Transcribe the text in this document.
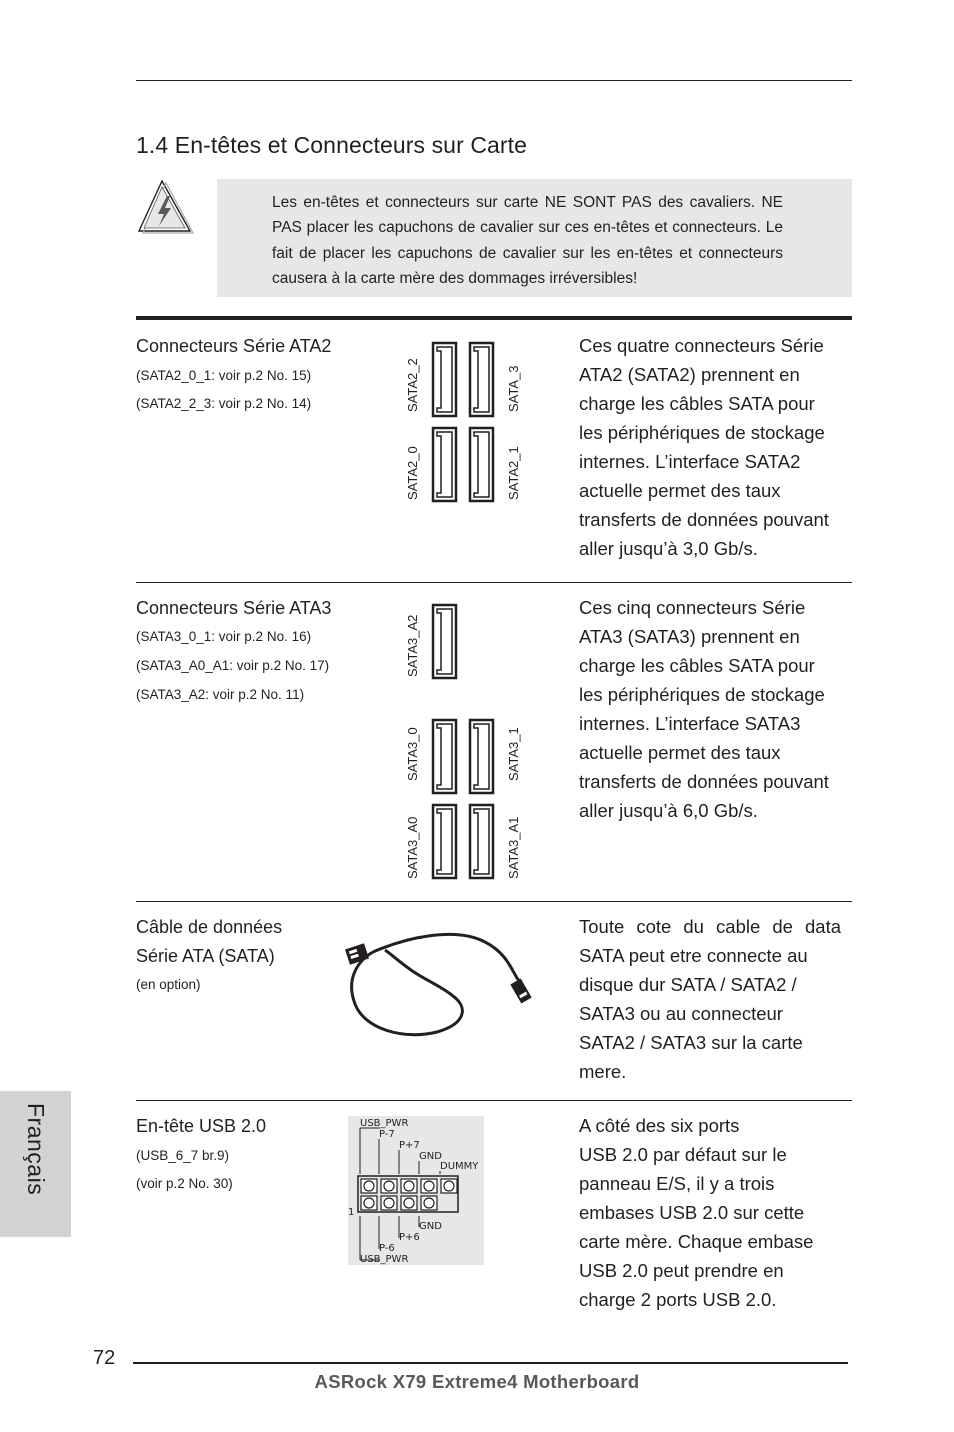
1.4 En-têtes et Connecteurs sur Carte
Les en-têtes et connecteurs sur carte NE SONT PAS des cavaliers. NE PAS placer les capuchons de cavalier sur ces en-têtes et connecteurs. Le fait de placer les capuchons de cavalier sur les en-têtes et connecteurs causera à la carte mère des dommages irréversibles!
Connecteurs Série ATA2
(SATA2_0_1: voir p.2 No. 15)
(SATA2_2_3: voir p.2 No. 14)	SATA2_2	SATA_3
SATA2_0	SATA2_1
Ces quatre connecteurs Série
ATA2 (SATA2) prennent en
charge les câbles SATA pour
les périphériques de stockage
internes. L’interface SATA2
actuelle permet des taux
transferts de données pouvant
aller jusqu’à 3,0 Gb/s.
Connecteurs Série ATA3
(SATA3_0_1: voir p.2 No. 16)
(SATA3_A0_A1: voir p.2 No. 17)
(SATA3_A2: voir p.2 No. 11)
SATA3_A2
SATA3_0	SATA3_1
SATA3_A0	SATA3_A1
Ces cinq connecteurs Série
ATA3 (SATA3) prennent en
charge les câbles SATA pour
les périphériques de stockage
internes. L’interface SATA3
actuelle permet des taux
transferts de données pouvant
aller jusqu’à 6,0 Gb/s.
Câble de données
Série ATA (SATA)
(en option)
Toute cote du cable de data
SATA peut etre connecte au
disque dur SATA / SATA2 /
SATA3 ou au connecteur
SATA2 / SATA3 sur la carte
mere.
En-tête USB 2.0
(USB_6_7 br.9)
(voir p.2 No. 30)
USB_PWR
P-7
P+7
GND
DUMMY
1
GND
P+6
P-6
USB_PWR
A côté des six ports
USB 2.0 par défaut sur le
panneau E/S, il y a trois
embases USB 2.0 sur cette
carte mère. Chaque embase
USB 2.0 peut prendre en
charge 2 ports USB 2.0.
Français
72
ASRock X79 Extreme4 Motherboard
